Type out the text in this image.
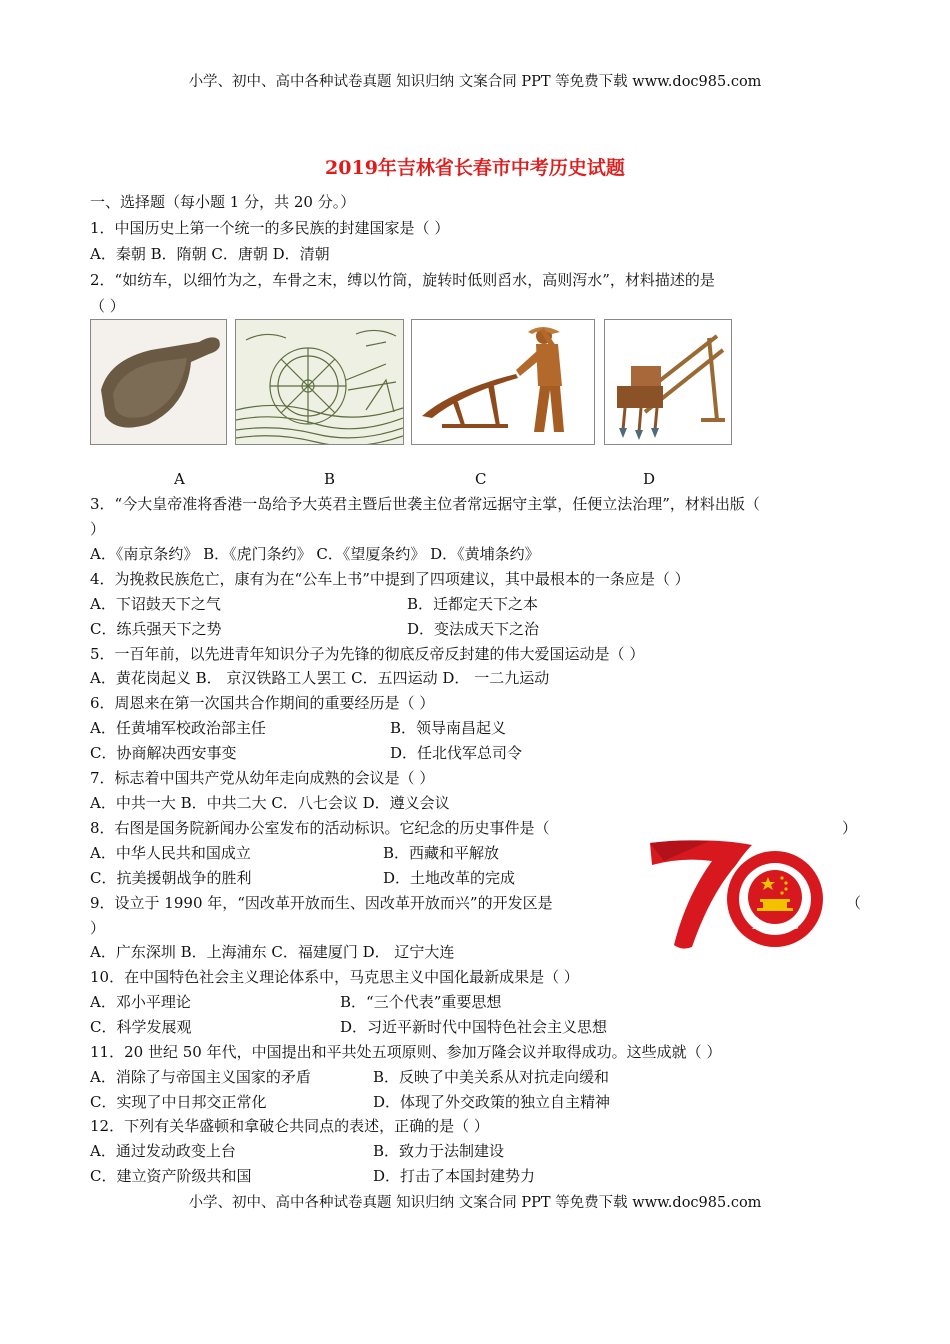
小学、初中、高中各种试卷真题 知识归纳 文案合同 PPT 等免费下载 www.doc985.com
2019年吉林省长春市中考历史试题
一、选择题（每小题 1 分，共 20 分。）
1．中国历史上第一个统一的多民族的封建国家是（ ）
A．秦朝 B．隋朝 C．唐朝 D．清朝
2．“如纺车，以细竹为之，车骨之末，缚以竹筒，旋转时低则舀水，高则泻水”，材料描述的是
（ ）
A	B	C	D
3．“今大皇帝准将香港一岛给予大英君主暨后世袭主位者常远据守主掌，任便立法治理”，材料出版（
）
A．《南京条约》 B．《虎门条约》 C．《望厦条约》 D．《黄埔条约》
4．为挽救民族危亡，康有为在“公车上书”中提到了四项建议，其中最根本的一条应是（ ）
A．下诏鼓天下之气	B．迁都定天下之本
C．练兵强天下之势	D．变法成天下之治
5．一百年前，以先进青年知识分子为先锋的彻底反帝反封建的伟大爱国运动是（ ）
A．黄花岗起义 B． 京汉铁路工人罢工 C．五四运动 D． 一二九运动
6．周恩来在第一次国共合作期间的重要经历是（ ）
A．任黄埔军校政治部主任	B．领导南昌起义
C．协商解决西安事变	D．任北伐军总司令
7．标志着中国共产党从幼年走向成熟的会议是（ ）
A．中共一大 B．中共二大 C．八七会议 D．遵义会议
8．右图是国务院新闻办公室发布的活动标识。它纪念的历史事件是（	）
A．中华人民共和国成立	B．西藏和平解放
C．抗美援朝战争的胜利	D．土地改革的完成
1949 — 2019
9．设立于 1990 年，“因改革开放而生、因改革开放而兴”的开发区是	（
）
A．广东深圳 B．上海浦东 C．福建厦门 D． 辽宁大连
10．在中国特色社会主义理论体系中，马克思主义中国化最新成果是（ ）
A．邓小平理论	B．“三个代表”重要思想
C．科学发展观	D．习近平新时代中国特色社会主义思想
11．20 世纪 50 年代，中国提出和平共处五项原则、参加万隆会议并取得成功。这些成就（ ）
A．消除了与帝国主义国家的矛盾	B．反映了中美关系从对抗走向缓和
C．实现了中日邦交正常化	D．体现了外交政策的独立自主精神
12．下列有关华盛顿和拿破仑共同点的表述，正确的是（ ）
A．通过发动政变上台	B．致力于法制建设
C．建立资产阶级共和国	D．打击了本国封建势力
小学、初中、高中各种试卷真题 知识归纳 文案合同 PPT 等免费下载 www.doc985.com
